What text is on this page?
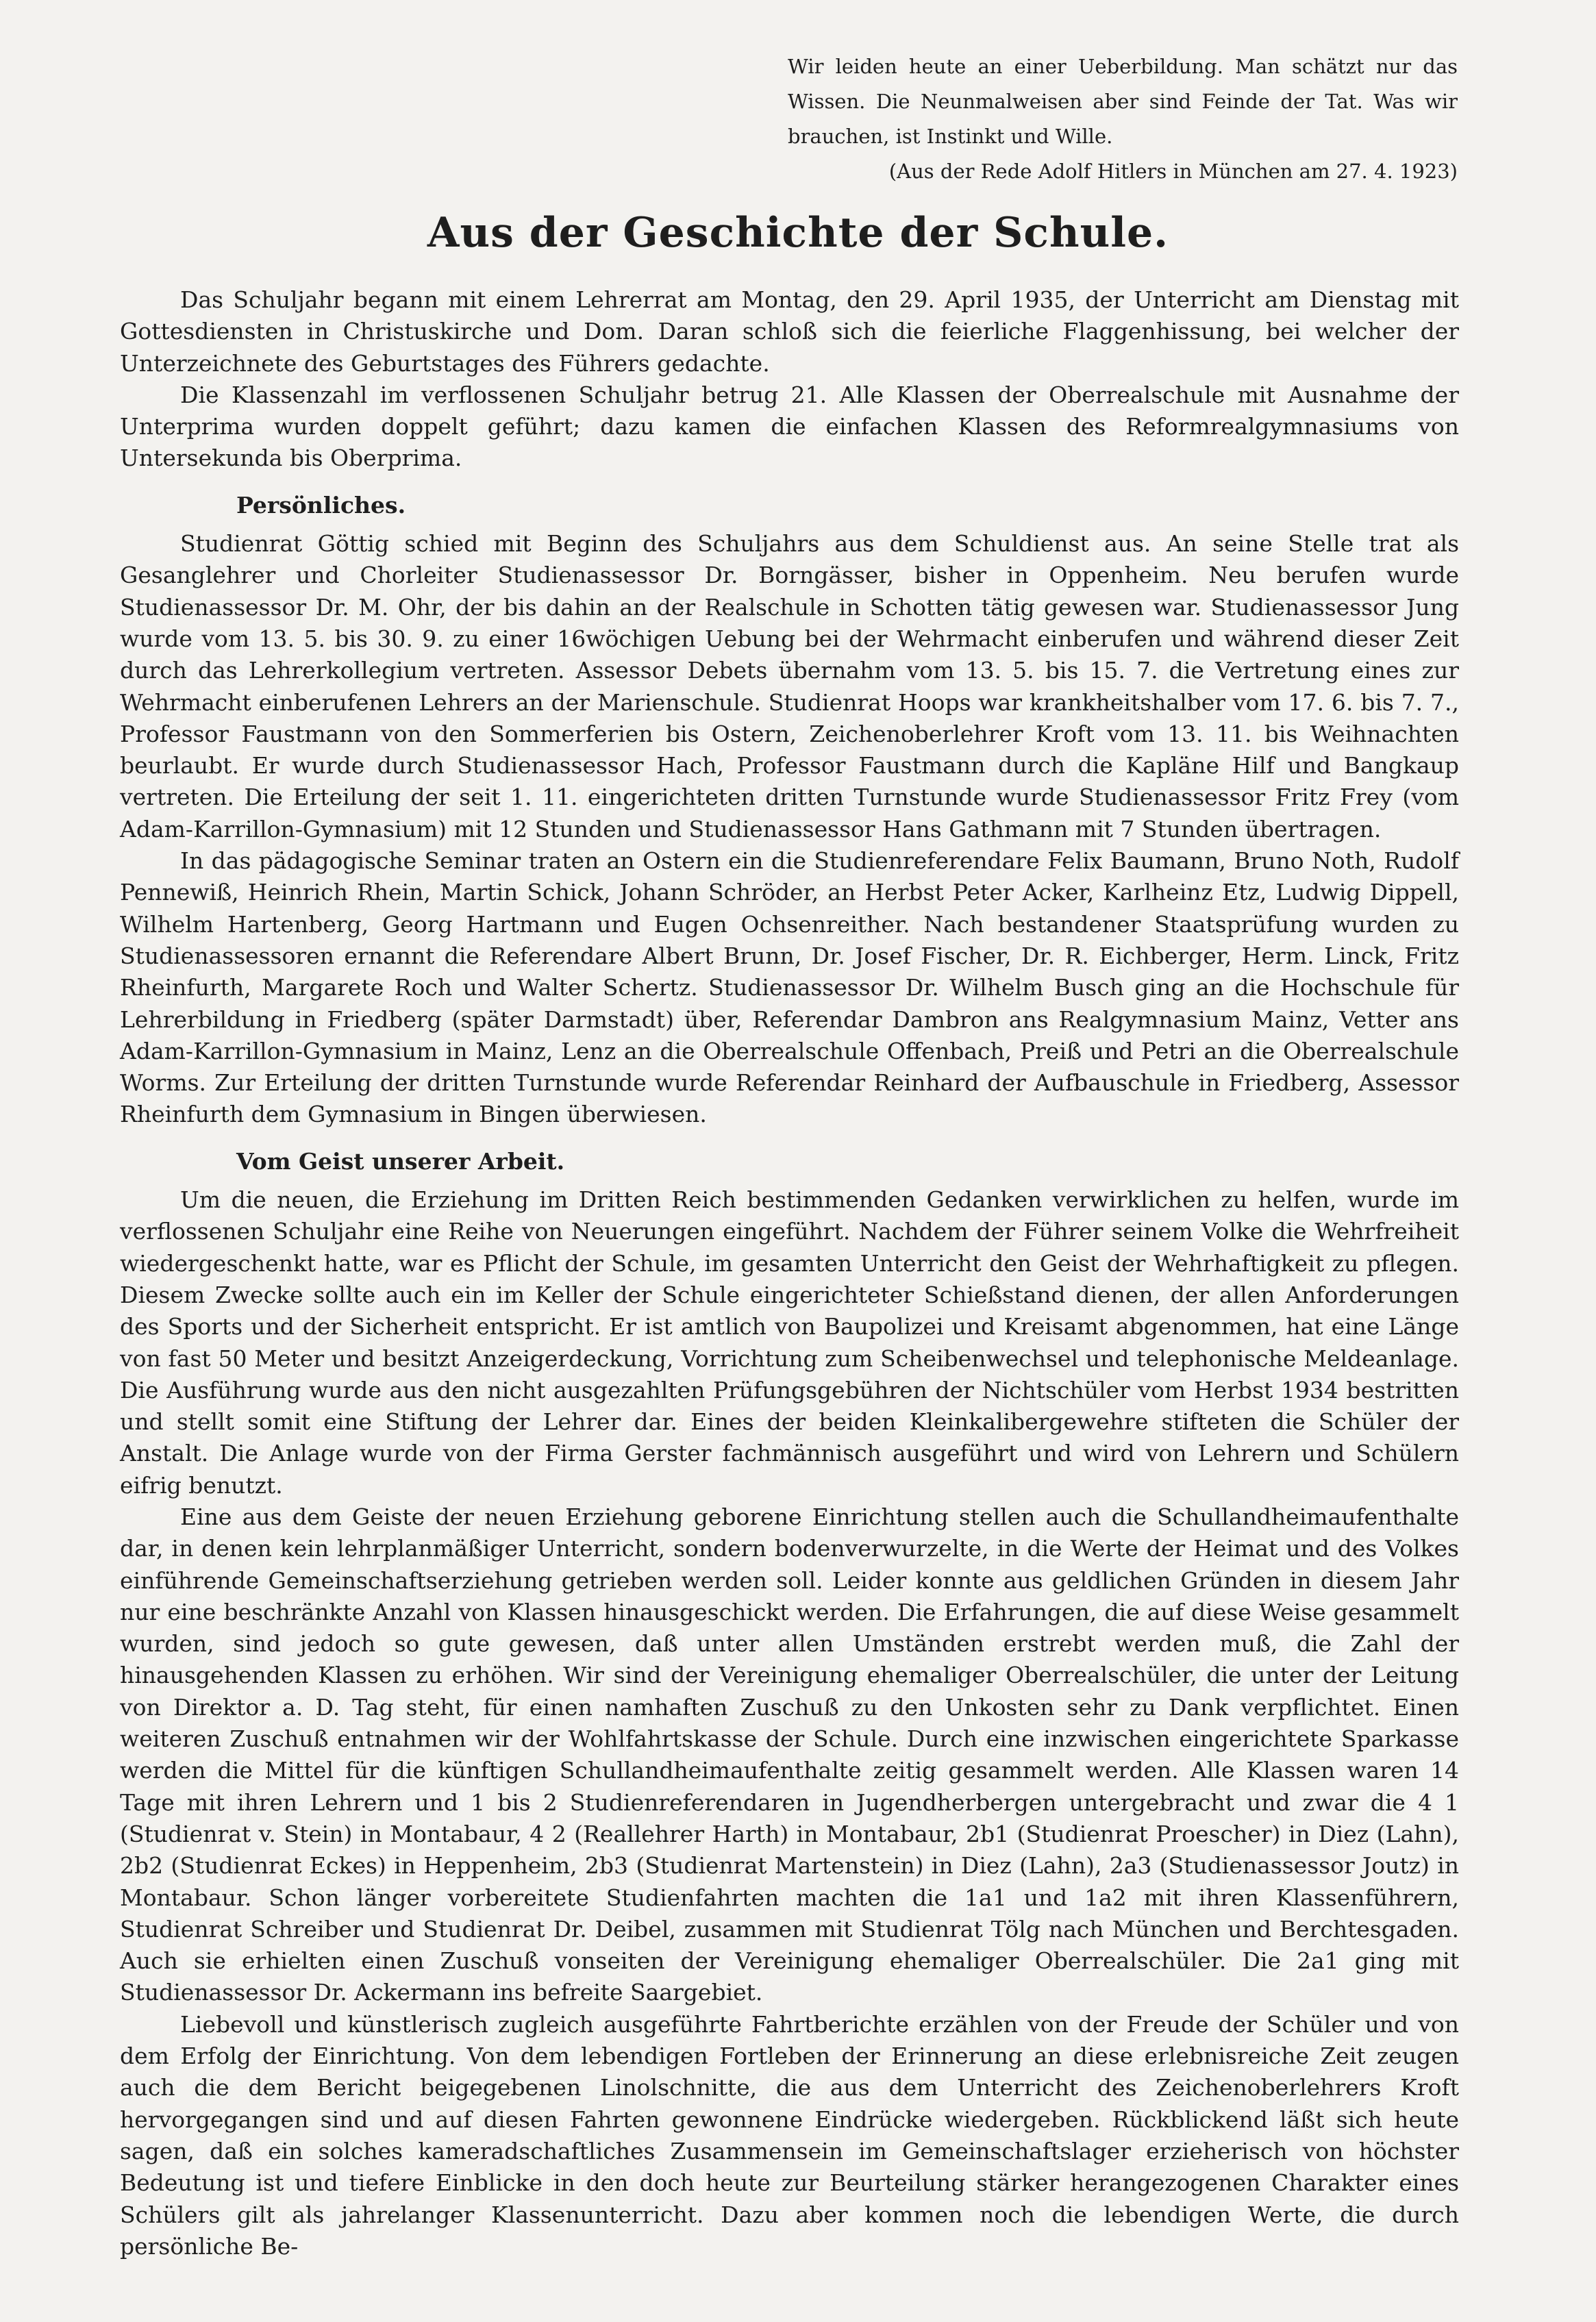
Wir leiden heute an einer Ueberbildung. Man schätzt nur das Wissen. Die Neunmalweisen aber sind Feinde der Tat. Was wir brauchen, ist Instinkt und Wille.
(Aus der Rede Adolf Hitlers in München am 27. 4. 1923)
Aus der Geschichte der Schule.

Das Schuljahr begann mit einem Lehrerrat am Montag, den 29. April 1935, der Unterricht am Dienstag mit Gottesdiensten in Christuskirche und Dom. Daran schloß sich die feierliche Flaggenhissung, bei welcher der Unterzeichnete des Geburtstages des Führers gedachte.

Die Klassenzahl im verflossenen Schuljahr betrug 21. Alle Klassen der Oberrealschule mit Ausnahme der Unterprima wurden doppelt geführt; dazu kamen die einfachen Klassen des Reformrealgymnasiums von Untersekunda bis Oberprima.

Persönliches.

Studienrat Göttig schied mit Beginn des Schuljahrs aus dem Schuldienst aus. An seine Stelle trat als Gesanglehrer und Chorleiter Studienassessor Dr. Borngässer, bisher in Oppenheim. Neu berufen wurde Studienassessor Dr. M. Ohr, der bis dahin an der Realschule in Schotten tätig gewesen war. Studienassessor Jung wurde vom 13. 5. bis 30. 9. zu einer 16wöchigen Uebung bei der Wehrmacht einberufen und während dieser Zeit durch das Lehrerkollegium vertreten. Assessor Debets übernahm vom 13. 5. bis 15. 7. die Vertretung eines zur Wehrmacht einberufenen Lehrers an der Marienschule. Studienrat Hoops war krankheitshalber vom 17. 6. bis 7. 7., Professor Faustmann von den Sommerferien bis Ostern, Zeichenoberlehrer Kroft vom 13. 11. bis Weihnachten beurlaubt. Er wurde durch Studienassessor Hach, Professor Faustmann durch die Kapläne Hilf und Bangkaup vertreten. Die Erteilung der seit 1. 11. eingerichteten dritten Turnstunde wurde Studienassessor Fritz Frey (vom Adam-Karrillon-Gymnasium) mit 12 Stunden und Studienassessor Hans Gathmann mit 7 Stunden übertragen.

In das pädagogische Seminar traten an Ostern ein die Studienreferendare Felix Baumann, Bruno Noth, Rudolf Pennewiß, Heinrich Rhein, Martin Schick, Johann Schröder, an Herbst Peter Acker, Karlheinz Etz, Ludwig Dippell, Wilhelm Hartenberg, Georg Hartmann und Eugen Ochsenreither. Nach bestandener Staatsprüfung wurden zu Studienassessoren ernannt die Referendare Albert Brunn, Dr. Josef Fischer, Dr. R. Eichberger, Herm. Linck, Fritz Rheinfurth, Margarete Roch und Walter Schertz. Studienassessor Dr. Wilhelm Busch ging an die Hochschule für Lehrerbildung in Friedberg (später Darmstadt) über, Referendar Dambron ans Realgymnasium Mainz, Vetter ans Adam-Karrillon-Gymnasium in Mainz, Lenz an die Oberrealschule Offenbach, Preiß und Petri an die Oberrealschule Worms. Zur Erteilung der dritten Turnstunde wurde Referendar Reinhard der Aufbauschule in Friedberg, Assessor Rheinfurth dem Gymnasium in Bingen überwiesen.

Vom Geist unserer Arbeit.

Um die neuen, die Erziehung im Dritten Reich bestimmenden Gedanken verwirklichen zu helfen, wurde im verflossenen Schuljahr eine Reihe von Neuerungen eingeführt. Nachdem der Führer seinem Volke die Wehrfreiheit wiedergeschenkt hatte, war es Pflicht der Schule, im gesamten Unterricht den Geist der Wehrhaftigkeit zu pflegen. Diesem Zwecke sollte auch ein im Keller der Schule eingerichteter Schießstand dienen, der allen Anforderungen des Sports und der Sicherheit entspricht. Er ist amtlich von Baupolizei und Kreisamt abgenommen, hat eine Länge von fast 50 Meter und besitzt Anzeigerdeckung, Vorrichtung zum Scheibenwechsel und telephonische Meldeanlage. Die Ausführung wurde aus den nicht ausgezahlten Prüfungsgebühren der Nichtschüler vom Herbst 1934 bestritten und stellt somit eine Stiftung der Lehrer dar. Eines der beiden Kleinkalibergewehre stifteten die Schüler der Anstalt. Die Anlage wurde von der Firma Gerster fachmännisch ausgeführt und wird von Lehrern und Schülern eifrig benutzt.

Eine aus dem Geiste der neuen Erziehung geborene Einrichtung stellen auch die Schullandheimaufenthalte dar, in denen kein lehrplanmäßiger Unterricht, sondern bodenverwurzelte, in die Werte der Heimat und des Volkes einführende Gemeinschaftserziehung getrieben werden soll. Leider konnte aus geldlichen Gründen in diesem Jahr nur eine beschränkte Anzahl von Klassen hinausgeschickt werden. Die Erfahrungen, die auf diese Weise gesammelt wurden, sind jedoch so gute gewesen, daß unter allen Umständen erstrebt werden muß, die Zahl der hinausgehenden Klassen zu erhöhen. Wir sind der Vereinigung ehemaliger Oberrealschüler, die unter der Leitung von Direktor a. D. Tag steht, für einen namhaften Zuschuß zu den Unkosten sehr zu Dank verpflichtet. Einen weiteren Zuschuß entnahmen wir der Wohlfahrtskasse der Schule. Durch eine inzwischen eingerichtete Sparkasse werden die Mittel für die künftigen Schullandheimaufenthalte zeitig gesammelt werden. Alle Klassen waren 14 Tage mit ihren Lehrern und 1 bis 2 Studienreferendaren in Jugendherbergen untergebracht und zwar die 4 1 (Studienrat v. Stein) in Montabaur, 4 2 (Reallehrer Harth) in Montabaur, 2b1 (Studienrat Proescher) in Diez (Lahn), 2b2 (Studienrat Eckes) in Heppenheim, 2b3 (Studienrat Martenstein) in Diez (Lahn), 2a3 (Studienassessor Joutz) in Montabaur. Schon länger vorbereitete Studienfahrten machten die 1a1 und 1a2 mit ihren Klassenführern, Studienrat Schreiber und Studienrat Dr. Deibel, zusammen mit Studienrat Tölg nach München und Berchtesgaden. Auch sie erhielten einen Zuschuß vonseiten der Vereinigung ehemaliger Oberrealschüler. Die 2a1 ging mit Studienassessor Dr. Ackermann ins befreite Saargebiet.

Liebevoll und künstlerisch zugleich ausgeführte Fahrtberichte erzählen von der Freude der Schüler und von dem Erfolg der Einrichtung. Von dem lebendigen Fortleben der Erinnerung an diese erlebnisreiche Zeit zeugen auch die dem Bericht beigegebenen Linolschnitte, die aus dem Unterricht des Zeichenoberlehrers Kroft hervorgegangen sind und auf diesen Fahrten gewonnene Eindrücke wiedergeben. Rückblickend läßt sich heute sagen, daß ein solches kameradschaftliches Zusammensein im Gemeinschaftslager erzieherisch von höchster Bedeutung ist und tiefere Einblicke in den doch heute zur Beurteilung stärker herangezogenen Charakter eines Schülers gilt als jahrelanger Klassenunterricht. Dazu aber kommen noch die lebendigen Werte, die durch persönliche Be-
